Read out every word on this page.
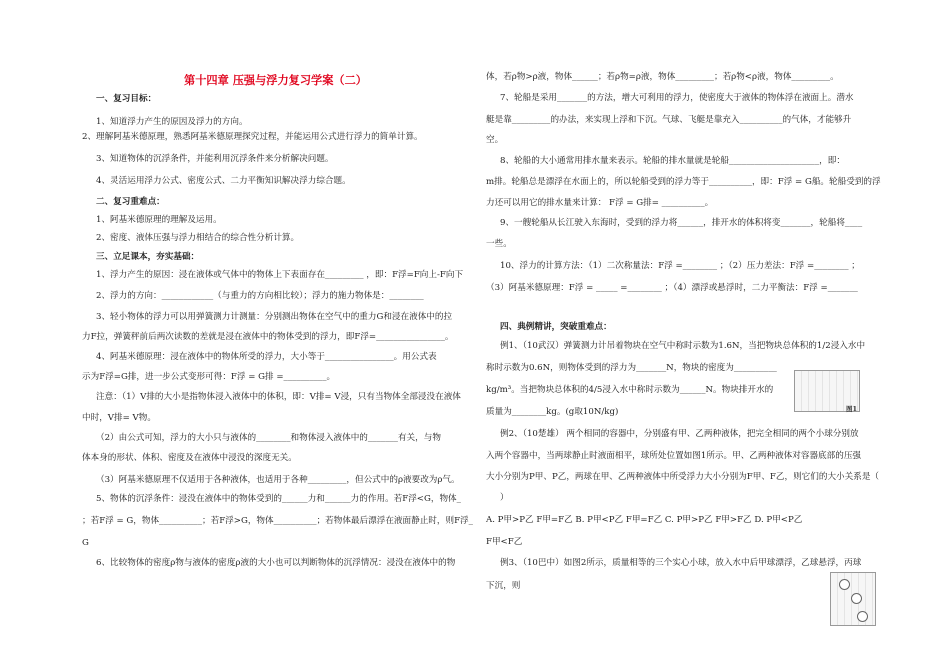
第十四章 压强与浮力复习学案（二）
一、复习目标：
1、知道浮力产生的原因及浮力的方向。
2、理解阿基米德原理，熟悉阿基米德原理探究过程，并能运用公式进行浮力的简单计算。
3、知道物体的沉浮条件，并能利用沉浮条件来分析解决问题。
4、灵活运用浮力公式、密度公式、二力平衡知识解决浮力综合题。
二、复习重难点：
1、阿基米德原理的理解及运用。
2、密度、液体压强与浮力相结合的综合性分析计算。
三、立足课本，夯实基础：
1、浮力产生的原因：浸在液体或气体中的物体上下表面存在_________ ，即：F浮=F向上-F向下
2、浮力的方向：____________（与重力的方向相比较）；浮力的施力物体是：________
3、轻小物体的浮力可以用弹簧测力计测量：分别测出物体在空气中的重力G和浸在液体中的拉
力F拉，弹簧秤前后两次读数的差就是浸在液体中的物体受到的浮力，即F浮=________________。
4、阿基米德原理：浸在液体中的物体所受的浮力，大小等于________________。用公式表
示为F浮=G排，进一步公式变形可得：F浮 = G排 =__________。
注意：（1）V排的大小是指物体浸入液体中的体积，即：V排= V浸，只有当物体全部浸没在液体
中时，V排= V物。
（2）由公式可知，浮力的大小只与液体的________和物体浸入液体中的_______有关，与物
体本身的形状、体积、密度及在液体中浸没的深度无关。
（3）阿基米德原理不仅适用于各种液体，也适用于各种_________，但公式中的ρ液要改为ρ气。
5、物体的沉浮条件：浸没在液体中的物体受到的______力和______力的作用。若F浮<G，物体_
；若F浮 = G，物体__________；若F浮>G，物体__________；若物体最后漂浮在液面静止时，则F浮_
G
6、比较物体的密度ρ物与液体的密度ρ液的大小也可以判断物体的沉浮情况：浸没在液体中的物
体，若ρ物>ρ液，物体______；若ρ物=ρ液，物体_________；若ρ物<ρ液，物体_________。
7、轮船是采用_______的方法，增大可利用的浮力，使密度大于液体的物体浮在液面上。潜水
艇是靠_________的办法，来实现上浮和下沉。气球、飞艇是靠充入__________的气体，才能够升
空。
8、轮船的大小通常用排水量来表示。轮船的排水量就是轮船_____________________，即：
m排。轮船总是漂浮在水面上的，所以轮船受到的浮力等于__________，即：F浮 = G船。轮船受到的浮
力还可以用它的排水量来计算： F浮 = G排= __________。
9、一艘轮船从长江驶入东海时，受到的浮力将______，排开水的体积将变_______，轮船将____
一些。
10、浮力的计算方法：（1）二次称量法：F浮 =________ ；（2）压力差法：F浮 =________ ；
（3）阿基米德原理：F浮 = _____ =________ ；（4）漂浮或悬浮时，二力平衡法：F浮 =_______
四、典例精讲，突破重难点：
例1、（10武汉）弹簧测力计吊着物块在空气中称时示数为1.6N，当把物块总体积的1/2浸入水中
称时示数为0.6N，则物体受到的浮力为_______N，物块的密度为__________
kg/m³。当把物块总体积的4/5浸入水中称时示数为______N。物块排开水的
质量为________kg。(g取10N/kg)
例2、（10楚雄） 两个相同的容器中，分别盛有甲、乙两种液体，把完全相同的两个小球分别放
入两个容器中，当两球静止时液面相平，球所处位置如图1所示。甲、乙两种液体对容器底部的压强
大小分别为P甲、P乙，两球在甲、乙两种液体中所受浮力大小分别为F甲、F乙，则它们的大小关系是（
）
A. P甲>P乙 F甲=F乙 B. P甲<P乙 F甲=F乙 C. P甲>P乙 F甲>F乙 D. P甲<P乙
F甲<F乙
例3、（10巴中）如图2所示，质量相等的三个实心小球，放入水中后甲球漂浮，乙球悬浮，丙球
下沉，则
图1
